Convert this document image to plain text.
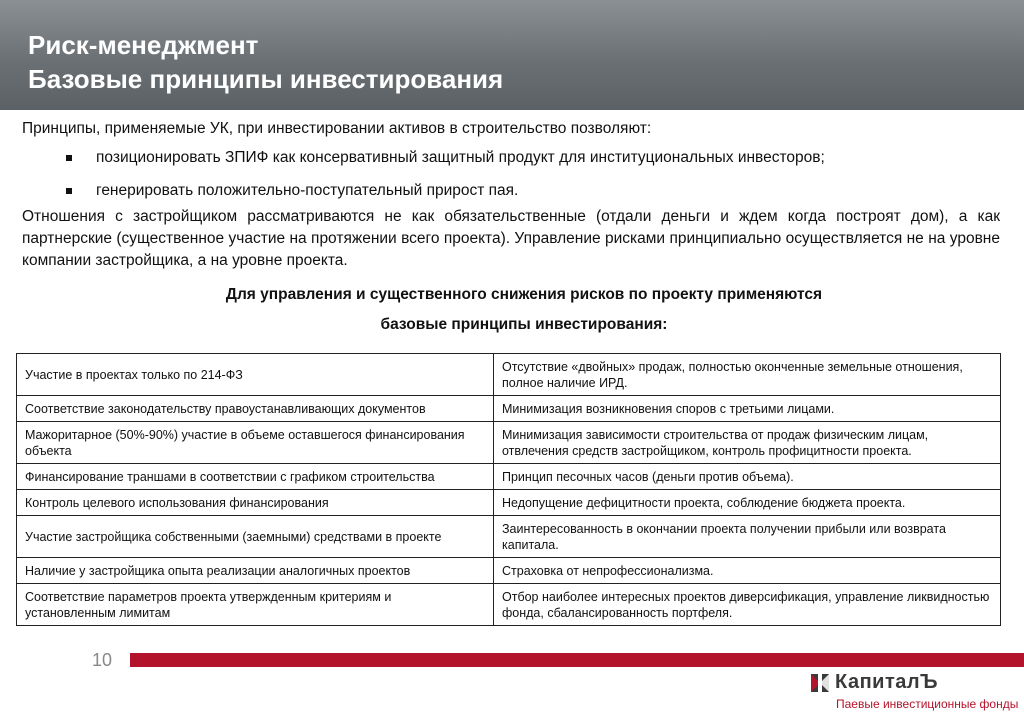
Риск-менеджмент
Базовые принципы инвестирования
Принципы, применяемые УК, при инвестировании активов в строительство позволяют:
позиционировать ЗПИФ как консервативный защитный продукт для институциональных инвесторов;
генерировать положительно-поступательный прирост пая.
Отношения с застройщиком рассматриваются не как обязательственные (отдали деньги и ждем когда построят дом), а как партнерские (существенное участие на протяжении всего проекта). Управление рисками принципиально осуществляется не на уровне компании застройщика, а на уровне проекта.
Для управления и существенного снижения рисков по проекту применяются
базовые принципы инвестирования:
Участие в проектах только по 214-ФЗ	Отсутствие «двойных» продаж, полностью оконченные земельные отношения, полное наличие ИРД.
Соответствие законодательству правоустанавливающих документов	Минимизация возникновения споров с третьими лицами.
Мажоритарное (50%-90%) участие в объеме оставшегося финансирования объекта	Минимизация зависимости строительства от продаж физическим лицам, отвлечения средств застройщиком, контроль профицитности проекта.
Финансирование траншами в соответствии с графиком строительства	Принцип песочных часов (деньги против объема).
Контроль целевого использования финансирования	Недопущение дефицитности проекта, соблюдение бюджета проекта.
Участие застройщика собственными (заемными) средствами в проекте	Заинтересованность в окончании проекта получении прибыли или возврата капитала.
Наличие у застройщика опыта реализации аналогичных проектов	Страховка от непрофессионализма.
Соответствие параметров проекта утвержденным критериям и установленным лимитам	Отбор наиболее интересных проектов диверсификация, управление ликвидностью фонда, сбалансированность портфеля.
10
КапиталЪ
Паевые инвестиционные фонды
